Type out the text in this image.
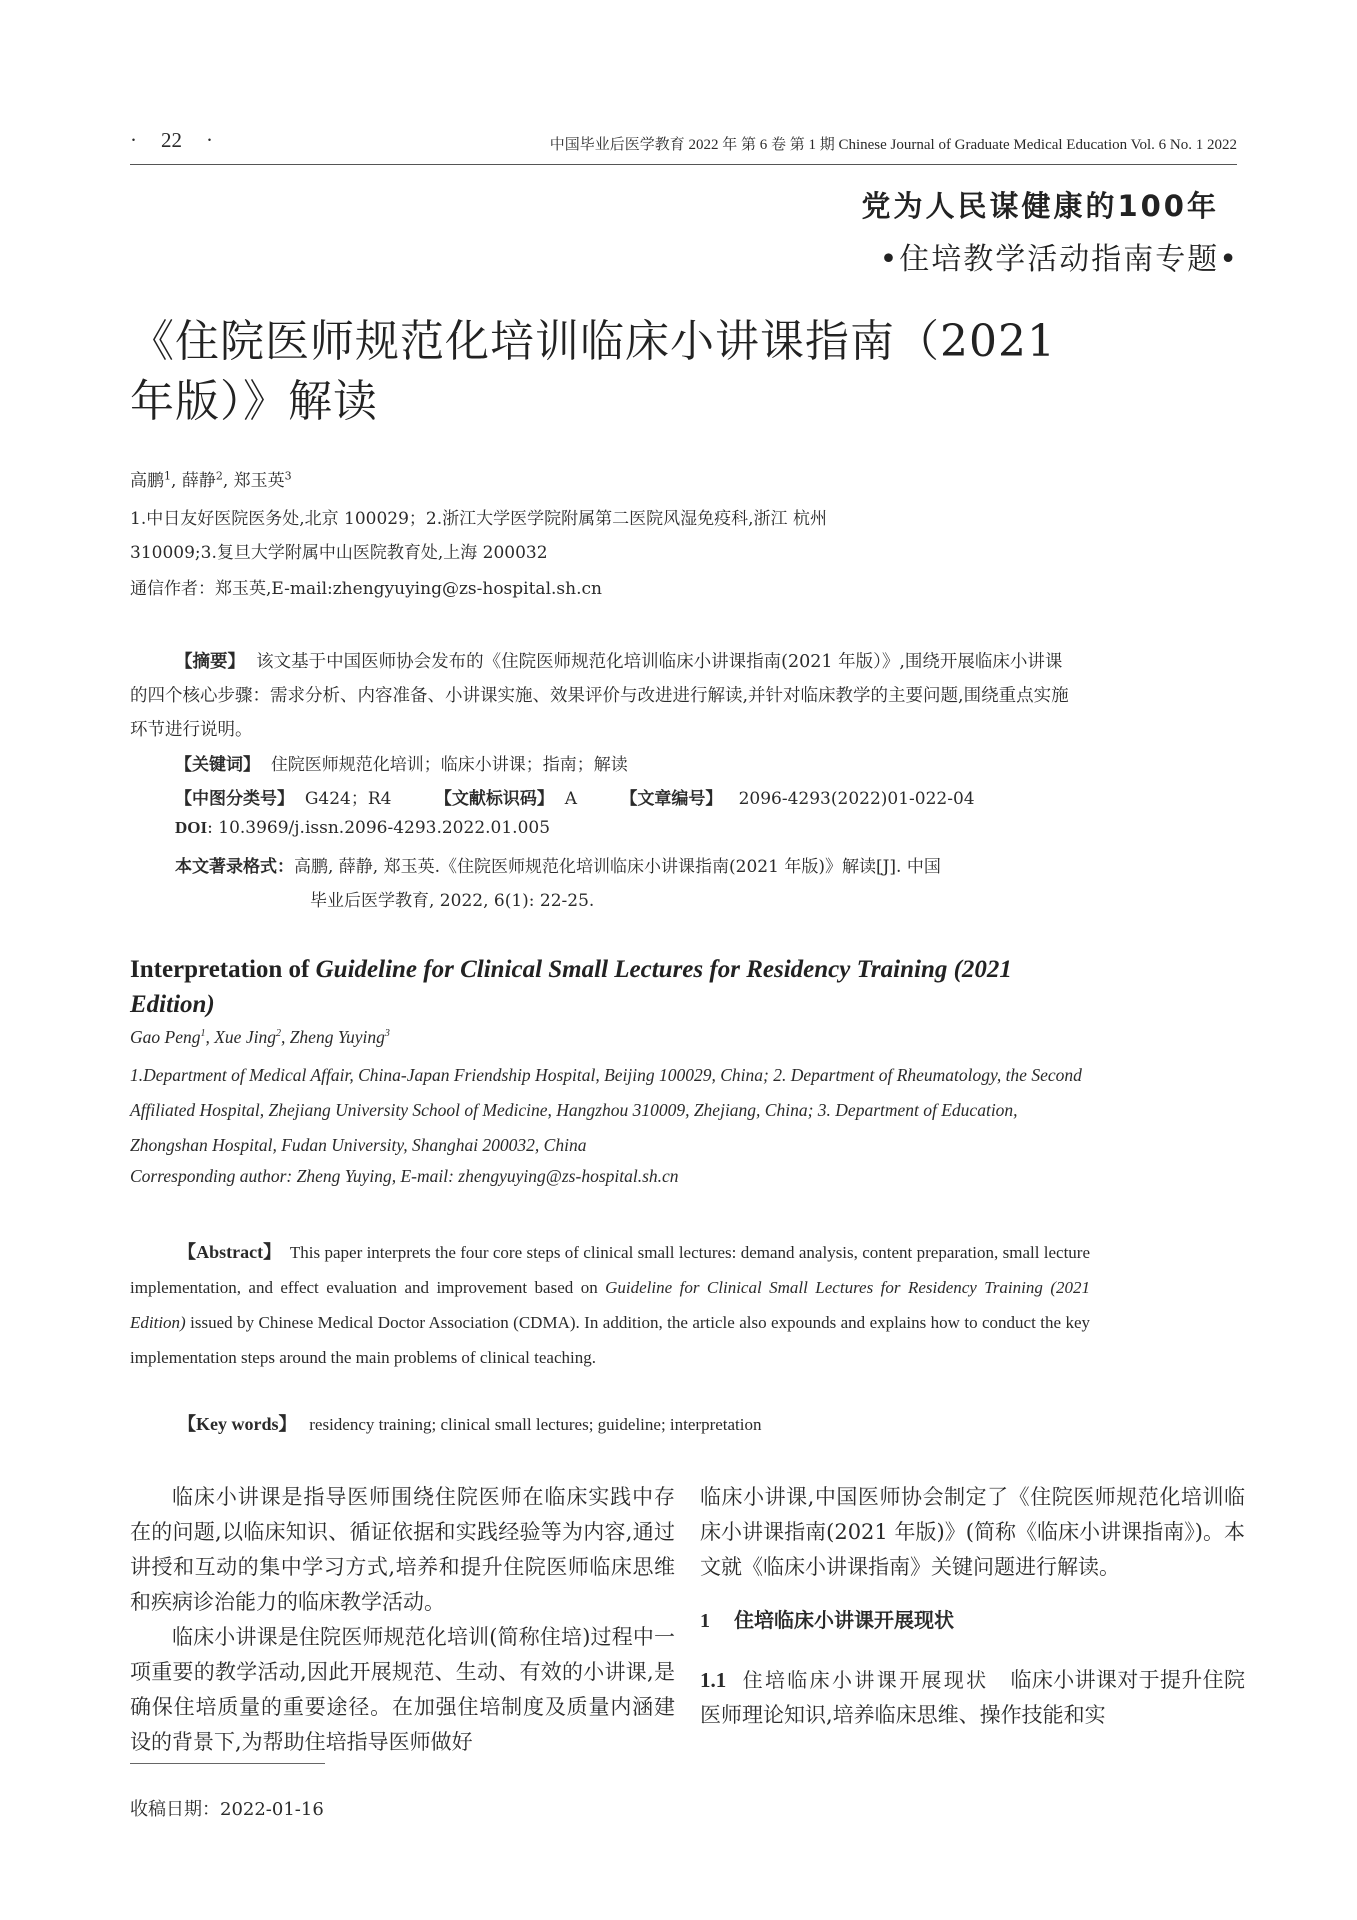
· 22 ·	中国毕业后医学教育 2022 年 第 6 卷 第 1 期 Chinese Journal of Graduate Medical Education Vol. 6 No. 1 2022
党为人民谋健康的100年
•住培教学活动指南专题•
《住院医师规范化培训临床小讲课指南（2021年版）》解读
高鹏$^1$, 薛静$^2$, 郑玉英$^3$
1.中日友好医院医务处,北京 100029；2.浙江大学医学院附属第二医院风湿免疫科,浙江 杭州
310009;3.复旦大学附属中山医院教育处,上海 200032
通信作者：郑玉英,E-mail:zhengyuying@zs-hospital.sh.cn
【摘要】 该文基于中国医师协会发布的《住院医师规范化培训临床小讲课指南(2021 年版）》,围绕开展临床小讲课的四个核心步骤：需求分析、内容准备、小讲课实施、效果评价与改进进行解读,并针对临床教学的主要问题,围绕重点实施环节进行说明。
【关键词】 住院医师规范化培训；临床小讲课；指南；解读
【中图分类号】 G424；R4	【文献标识码】 A	【文章编号】 2096-4293(2022)01-022-04
DOI: 10.3969/j.issn.2096-4293.2022.01.005
本文著录格式：高鹏, 薛静, 郑玉英.《住院医师规范化培训临床小讲课指南(2021 年版)》解读[J]. 中国
毕业后医学教育, 2022, 6(1): 22-25.
Interpretation of Guideline for Clinical Small Lectures for Residency Training (2021 Edition)
Gao Peng$^1$, Xue Jing$^2$, Zheng Yuying$^3$
1.Department of Medical Affair, China-Japan Friendship Hospital, Beijing 100029, China; 2. Department of Rheumatology, the Second Affiliated Hospital, Zhejiang University School of Medicine, Hangzhou 310009, Zhejiang, China; 3. Department of Education, Zhongshan Hospital, Fudan University, Shanghai 200032, China
Corresponding author: Zheng Yuying, E-mail: zhengyuying@zs-hospital.sh.cn
【Abstract】 This paper interprets the four core steps of clinical small lectures: demand analysis, content preparation, small lecture implementation, and effect evaluation and improvement based on Guideline for Clinical Small Lectures for Residency Training (2021 Edition) issued by Chinese Medical Doctor Association (CDMA). In addition, the article also expounds and explains how to conduct the key implementation steps around the main problems of clinical teaching.
【Key words】 residency training; clinical small lectures; guideline; interpretation
临床小讲课是指导医师围绕住院医师在临床实践中存在的问题,以临床知识、循证依据和实践经验等为内容,通过讲授和互动的集中学习方式,培养和提升住院医师临床思维和疾病诊治能力的临床教学活动。
临床小讲课是住院医师规范化培训(简称住培)过程中一项重要的教学活动,因此开展规范、生动、有效的小讲课,是确保住培质量的重要途径。在加强住培制度及质量内涵建设的背景下,为帮助住培指导医师做好
临床小讲课,中国医师协会制定了《住院医师规范化培训临床小讲课指南(2021 年版)》(简称《临床小讲课指南》)。本文就《临床小讲课指南》关键问题进行解读。
1 住培临床小讲课开展现状
1.1 住培临床小讲课开展现状 临床小讲课对于提升住院医师理论知识,培养临床思维、操作技能和实
收稿日期：2022-01-16
